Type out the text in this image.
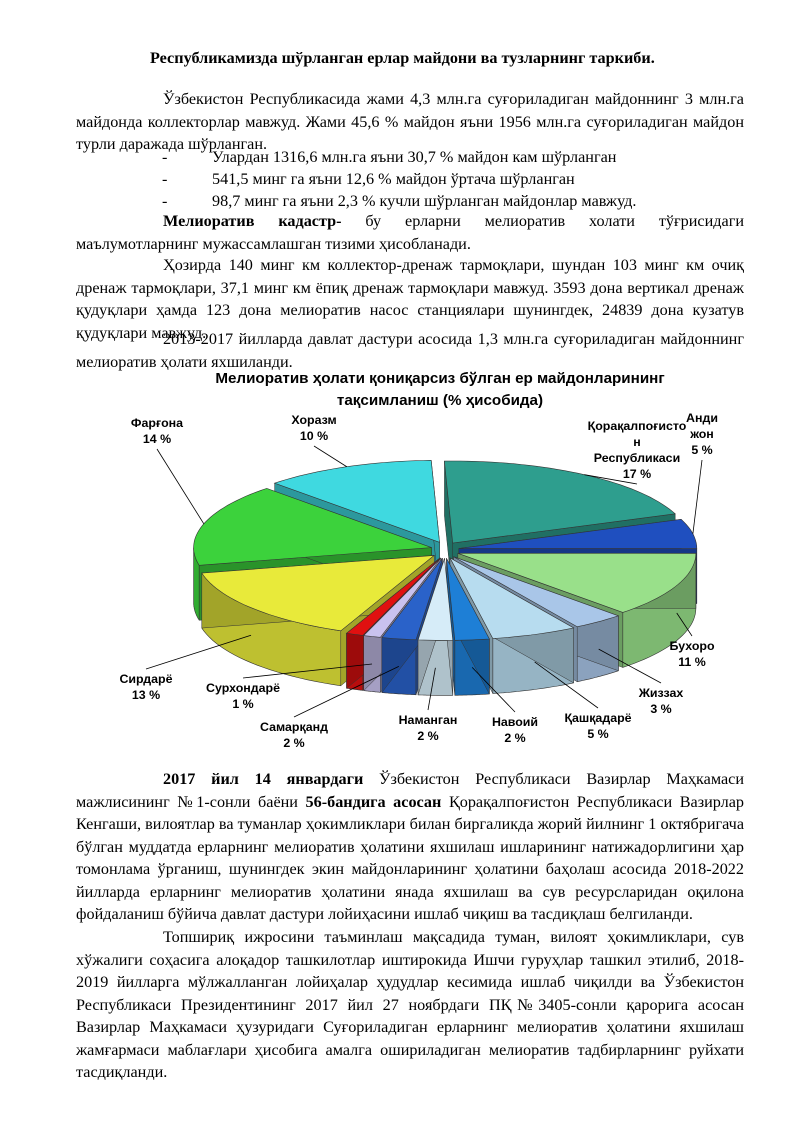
Республикамизда шўрланган ерлар майдони ва тузларнинг таркиби.
Ўзбекистон Республикасида жами 4,3 млн.га суғориладиган майдоннинг 3 млн.га майдонда коллекторлар мавжуд. Жами 45,6 % майдон яъни 1956 млн.га суғориладиган майдон турли даражада шўрланган.
-	Улардан 1316,6 млн.га яъни 30,7 % майдон кам шўрланган
-	541,5 минг га яъни 12,6 % майдон ўртача шўрланган
-	98,7 минг га яъни 2,3 % кучли шўрланган майдонлар мавжуд.
Мелиоратив кадастр- бу ерларни мелиоратив холати тўғрисидаги маълумотларнинг мужассамлашган тизими ҳисобланади.
Ҳозирда 140 минг км коллектор-дренаж тармоқлари, шундан 103 минг км очиқ дренаж тармоқлари, 37,1 минг км ёпиқ дренаж тармоқлари мавжуд. 3593 дона вертикал дренаж қудуқлари ҳамда 123 дона мелиоратив насос станциялари шунингдек, 24839 дона кузатув қудуқлари мавжуд.
2013-2017 йилларда давлат дастури асосида 1,3 млн.га суғориладиган майдоннинг мелиоратив ҳолати яхшиланди.
Мелиоратив ҳолати қониқарсиз бўлган ер майдонларининг
тақсимланиш (% ҳисобида)
Қорақалпоғисто
н
Республикаси
17 %
Анди
жон
5 %
Бухоро
11 %
Жиззах
3 %
Қашқадарё
5 %
Навоий
2 %
Наманган
2 %
Самарқанд
2 %
Сурхондарё
1 %
Сирдарё
13 %
Фарғона
14 %
Хоразм
10 %
2017 йил 14 январдаги Ўзбекистон Республикаси Вазирлар Маҳкамаси мажлисининг №1-сонли баёни 56-бандига асосан Қорақалпоғистон Республикаси Вазирлар Кенгаши, вилоятлар ва туманлар ҳокимликлари билан биргаликда жорий йилнинг 1 октябригача бўлган муддатда ерларнинг мелиоратив ҳолатини яхшилаш ишларининг натижадорлигини ҳар томонлама ўрганиш, шунингдек экин майдонларининг ҳолатини баҳолаш асосида 2018-2022 йилларда ерларнинг мелиоратив ҳолатини янада яхшилаш ва сув ресурсларидан оқилона фойдаланиш бўйича давлат дастури лойиҳасини ишлаб чиқиш ва тасдиқлаш белгиланди.
Топшириқ ижросини таъминлаш мақсадида туман, вилоят ҳокимликлари, сув хўжалиги соҳасига алоқадор ташкилотлар иштирокида Ишчи гуруҳлар ташкил этилиб, 2018-2019 йилларга мўлжалланган лойиҳалар ҳудудлар кесимида ишлаб чиқилди ва Ўзбекистон Республикаси Президентининг 2017 йил 27 ноябрдаги ПҚ№3405-сонли қарорига асосан Вазирлар Маҳкамаси ҳузуридаги Суғориладиган ерларнинг мелиоратив ҳолатини яхшилаш жамғармаси маблағлари ҳисобига амалга ошириладиган мелиоратив тадбирларнинг руйхати тасдиқланди.
